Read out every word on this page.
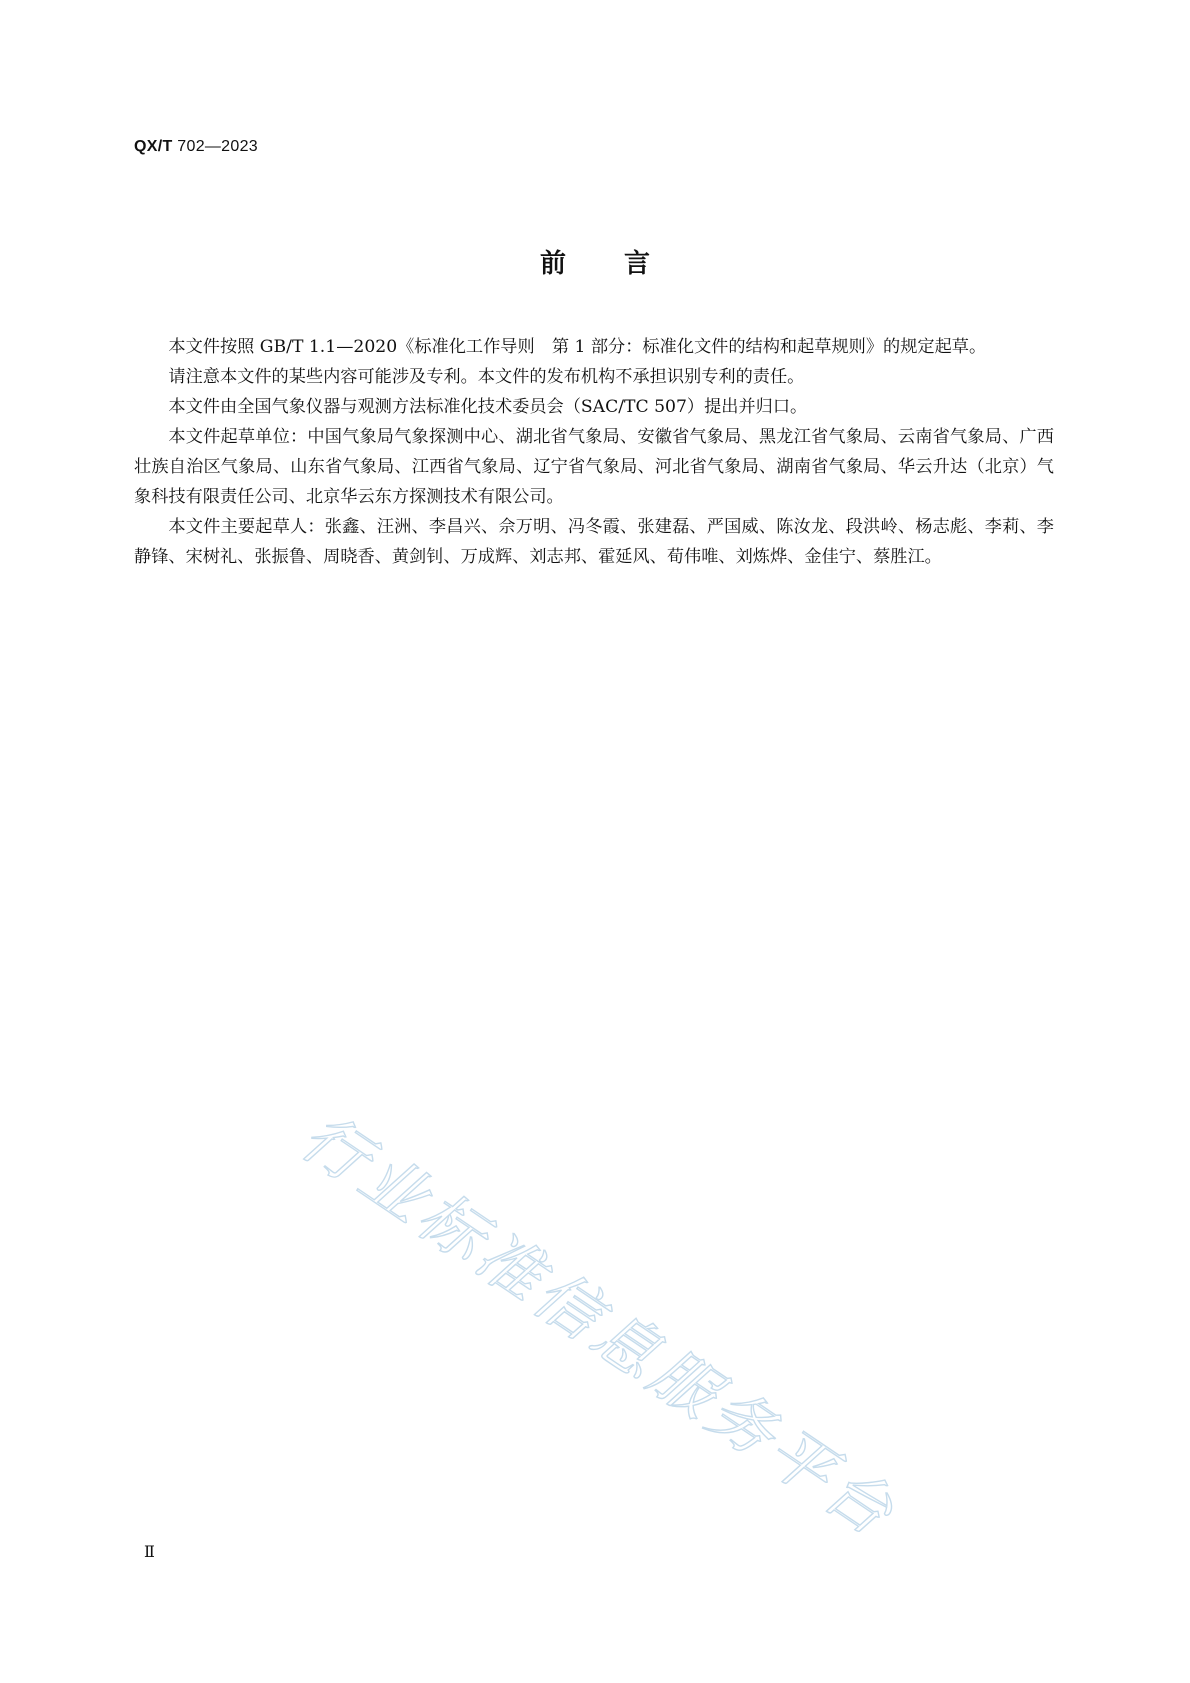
QX/T 702—2023
前言

本文件按照 GB/T 1.1—2020《标准化工作导则　第 1 部分：标准化文件的结构和起草规则》的规定起草。

请注意本文件的某些内容可能涉及专利。本文件的发布机构不承担识别专利的责任。

本文件由全国气象仪器与观测方法标准化技术委员会（SAC/TC 507）提出并归口。

本文件起草单位：中国气象局气象探测中心、湖北省气象局、安徽省气象局、黑龙江省气象局、云南省气象局、广西壮族自治区气象局、山东省气象局、江西省气象局、辽宁省气象局、河北省气象局、湖南省气象局、华云升达（北京）气象科技有限责任公司、北京华云东方探测技术有限公司。

本文件主要起草人：张鑫、汪洲、李昌兴、佘万明、冯冬霞、张建磊、严国威、陈汝龙、段洪岭、杨志彪、李莉、李静锋、宋树礼、张振鲁、周晓香、黄剑钊、万成辉、刘志邦、霍延风、荀伟唯、刘炼烨、金佳宁、蔡胜江。

行业标准信息服务平台
Ⅱ
